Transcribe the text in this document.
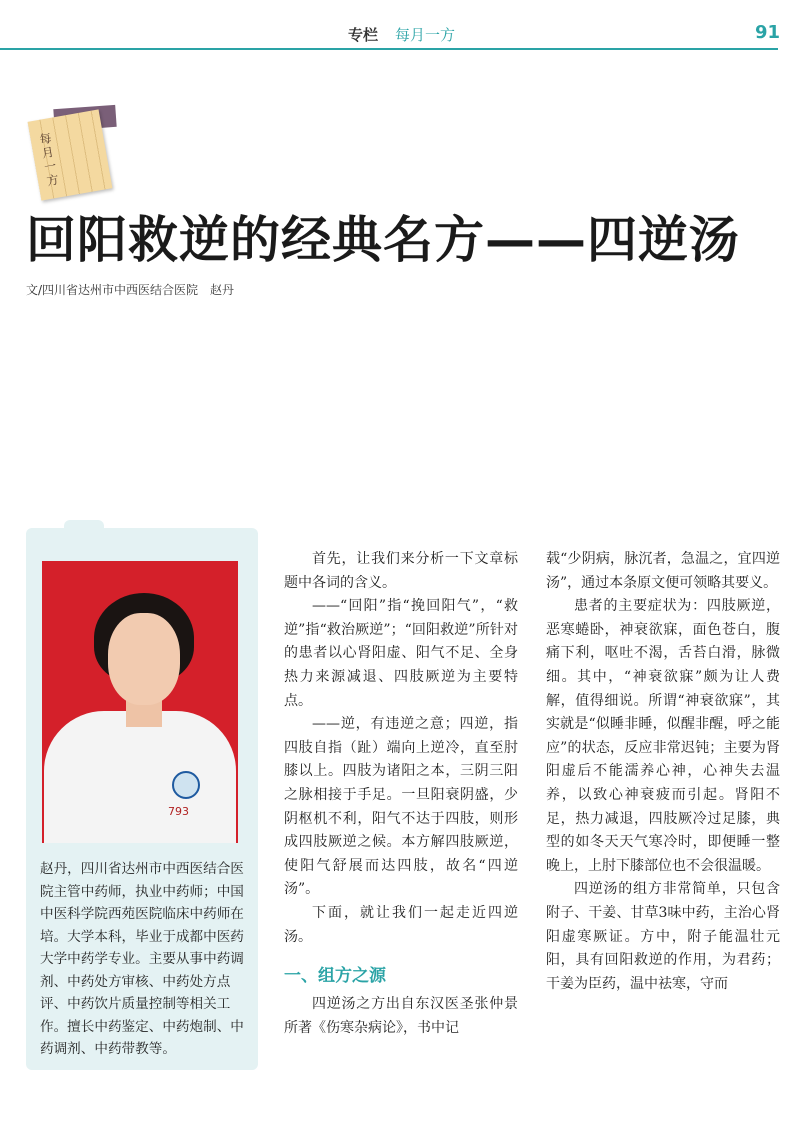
专栏	每月一方	91
每月一方
回阳救逆的经典名方——四逆汤
文/四川省达州市中西医结合医院　赵丹
793

赵丹，四川省达州市中西医结合医院主管中药师，执业中药师；中国中医科学院西苑医院临床中药师在培。大学本科，毕业于成都中医药大学中药学专业。主要从事中药调剂、中药处方审核、中药处方点评、中药饮片质量控制等相关工作。擅长中药鉴定、中药炮制、中药调剂、中药带教等。

首先，让我们来分析一下文章标题中各词的含义。

——“回阳”指“挽回阳气”，“救逆”指“救治厥逆”；“回阳救逆”所针对的患者以心肾阳虚、阳气不足、全身热力来源减退、四肢厥逆为主要特点。

——逆，有违逆之意；四逆，指四肢自指（趾）端向上逆冷，直至肘膝以上。四肢为诸阳之本，三阴三阳之脉相接于手足。一旦阳衰阴盛，少阴枢机不利，阳气不达于四肢，则形成四肢厥逆之候。本方解四肢厥逆，使阳气舒展而达四肢，故名“四逆汤”。

下面，就让我们一起走近四逆汤。

一、组方之源

四逆汤之方出自东汉医圣张仲景所著《伤寒杂病论》，书中记

载“少阴病，脉沉者，急温之，宜四逆汤”，通过本条原文便可领略其要义。

患者的主要症状为：四肢厥逆，恶寒蜷卧，神衰欲寐，面色苍白，腹痛下利，呕吐不渴，舌苔白滑，脉微细。其中，“神衰欲寐”颇为让人费解，值得细说。所谓“神衰欲寐”，其实就是“似睡非睡，似醒非醒，呼之能应”的状态，反应非常迟钝；主要为肾阳虚后不能濡养心神，心神失去温养，以致心神衰疲而引起。肾阳不足，热力减退，四肢厥冷过足膝，典型的如冬天天气寒冷时，即便睡一整晚上，上肘下膝部位也不会很温暖。

四逆汤的组方非常简单，只包含附子、干姜、甘草3味中药，主治心肾阳虚寒厥证。方中，附子能温壮元阳，具有回阳救逆的作用，为君药；干姜为臣药，温中祛寒，守而
